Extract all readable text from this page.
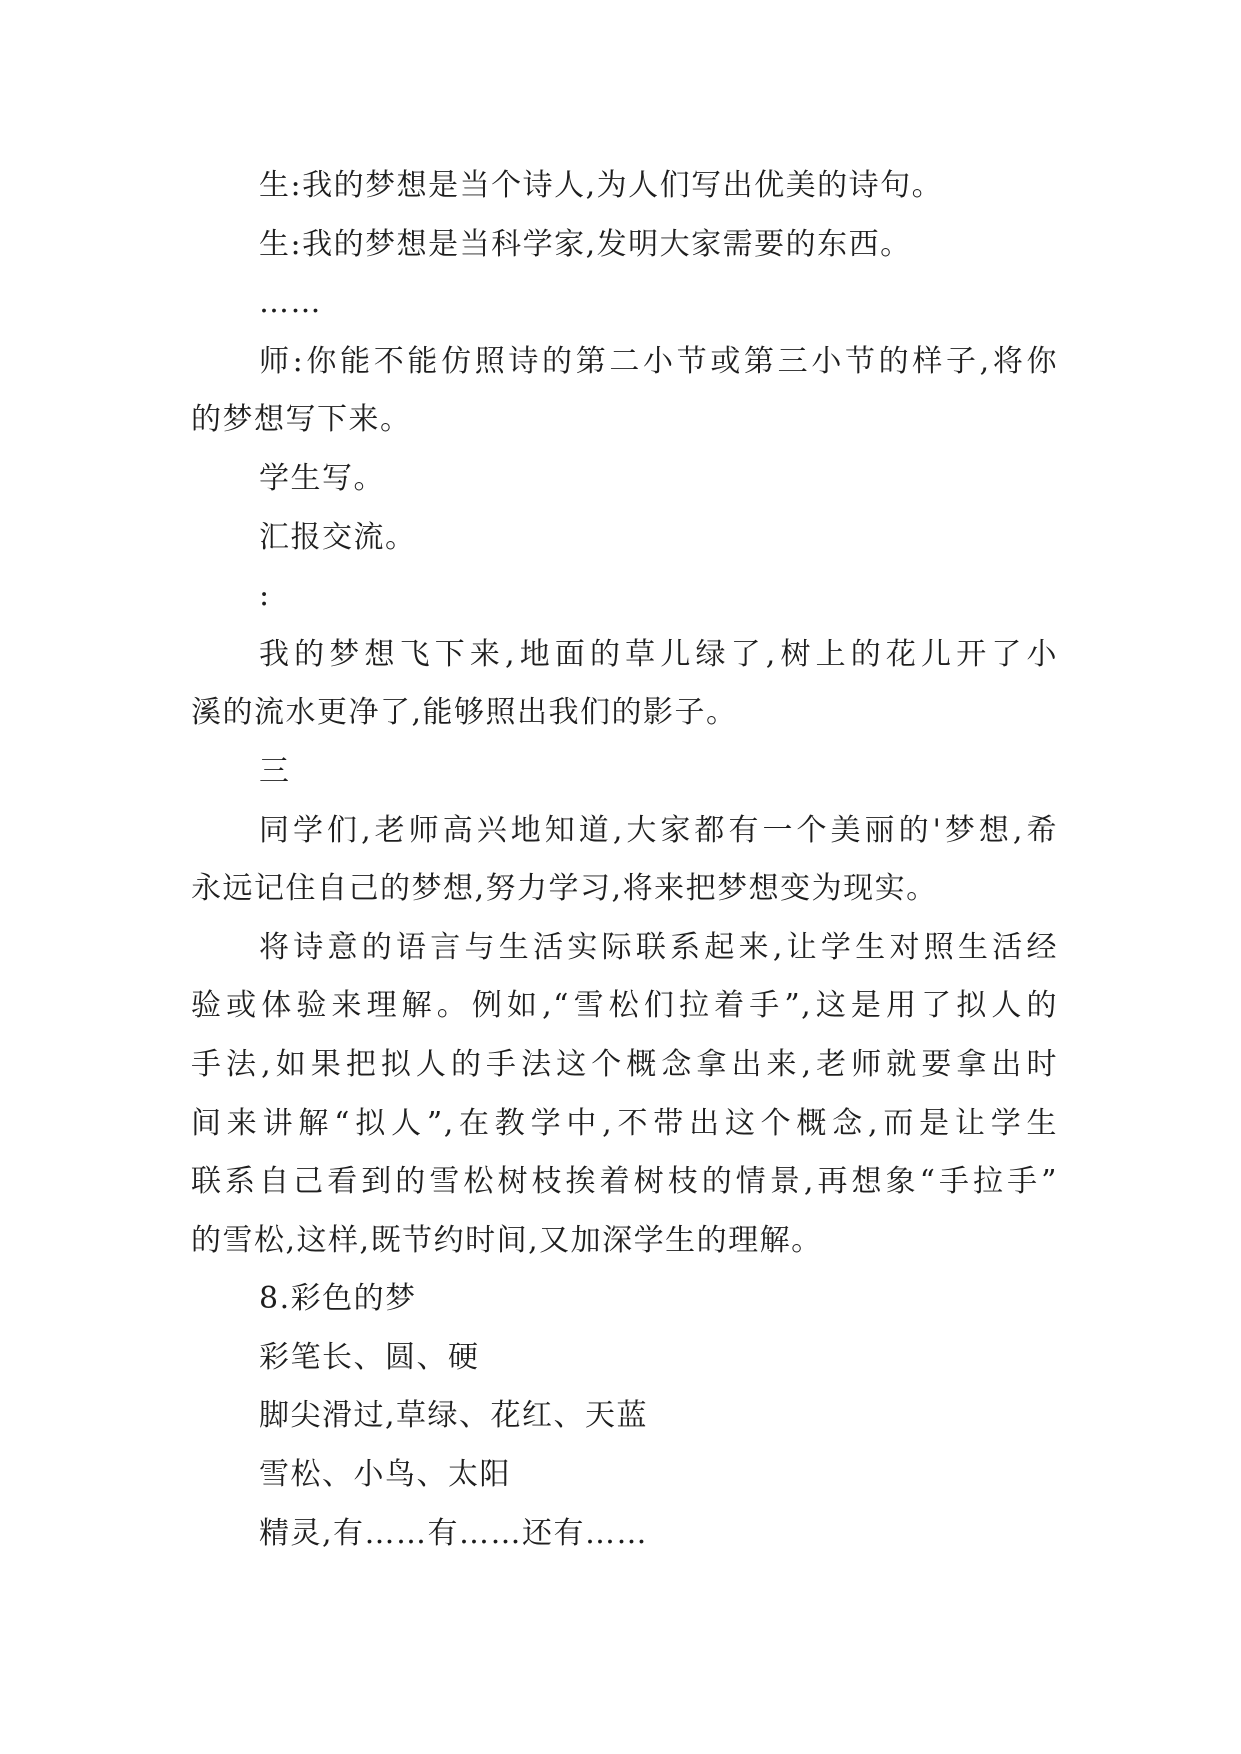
生:我的梦想是当个诗人,为人们写出优美的诗句。
生:我的梦想是当科学家,发明大家需要的东西。
……
师:你能不能仿照诗的第二小节或第三小节的样子,将你
的梦想写下来。
学生写。
汇报交流。
:
我的梦想飞下来,地面的草儿绿了,树上的花儿开了小
溪的流水更净了,能够照出我们的影子。
三
同学们,老师高兴地知道,大家都有一个美丽的'梦想,希
永远记住自己的梦想,努力学习,将来把梦想变为现实。
将诗意的语言与生活实际联系起来,让学生对照生活经
验或体验来理解。例如,“雪松们拉着手”,这是用了拟人的
手法,如果把拟人的手法这个概念拿出来,老师就要拿出时
间来讲解“拟人”,在教学中,不带出这个概念,而是让学生
联系自己看到的雪松树枝挨着树枝的情景,再想象“手拉手”
的雪松,这样,既节约时间,又加深学生的理解。
8.彩色的梦
彩笔长、圆、硬
脚尖滑过,草绿、花红、天蓝
雪松、小鸟、太阳
精灵,有……有……还有……
